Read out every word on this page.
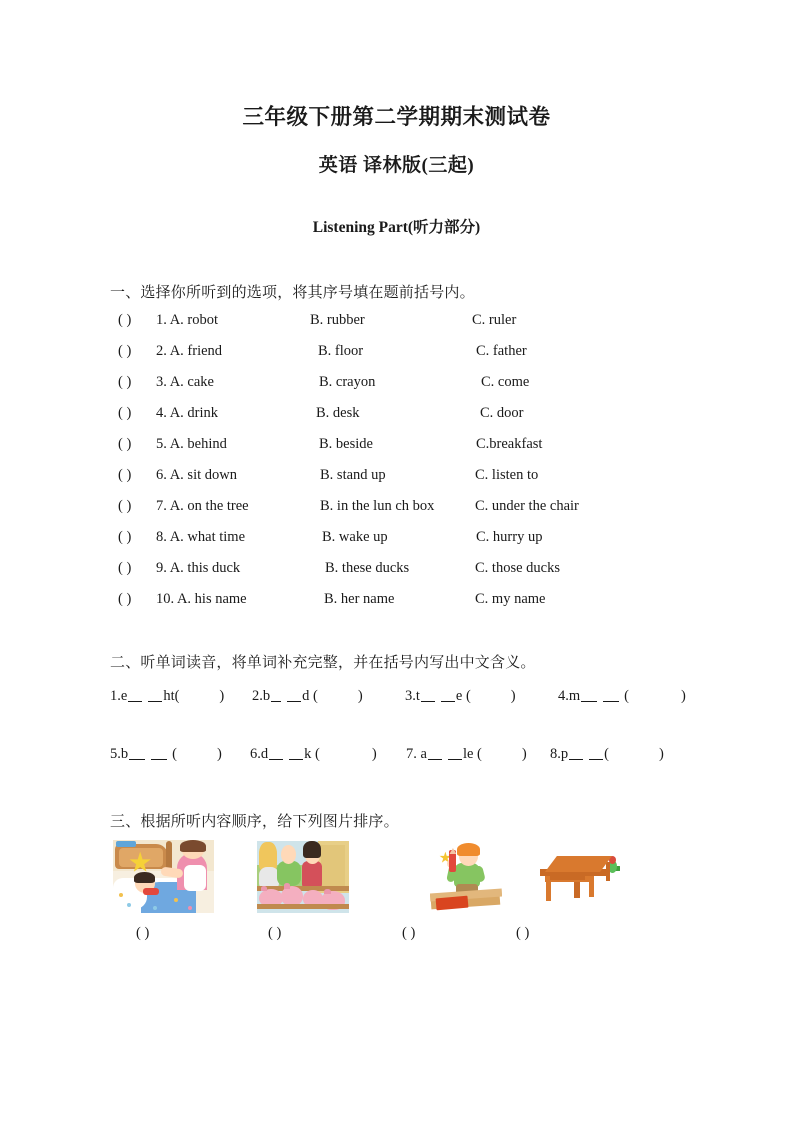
三年级下册第二学期期末测试卷
英语 译林版(三起)
Listening Part(听力部分)
一、选择你所听到的选项，将其序号填在题前括号内。
( ) 1. A. robot	B. rubber	C. ruler
( ) 2. A. friend	B. floor	C. father
( ) 3. A. cake	B. crayon	C. come
( ) 4. A. drink	B. desk	C. door
( ) 5. A. behind	B. beside	C.breakfast
( ) 6. A. sit down	B. stand up	C. listen to
( ) 7. A. on the tree	B. in the lun ch box	C. under the chair
( ) 8. A. what time	B. wake up	C. hurry up
( ) 9. A. this duck	B. these ducks	C. those ducks
( ) 10. A. his name	B. her name	C. my name
二、听单词读音，将单词补充完整，并在括号内写出中文含义。
1.e ht(	) 2.b d (	)	3.t e (	)	4.m	(	)
5.b	(	) 6.d k (	) 7. a le (	) 8.p (	)
三、根据所听内容顺序，给下列图片排序。
( )	( )	( )	( )
